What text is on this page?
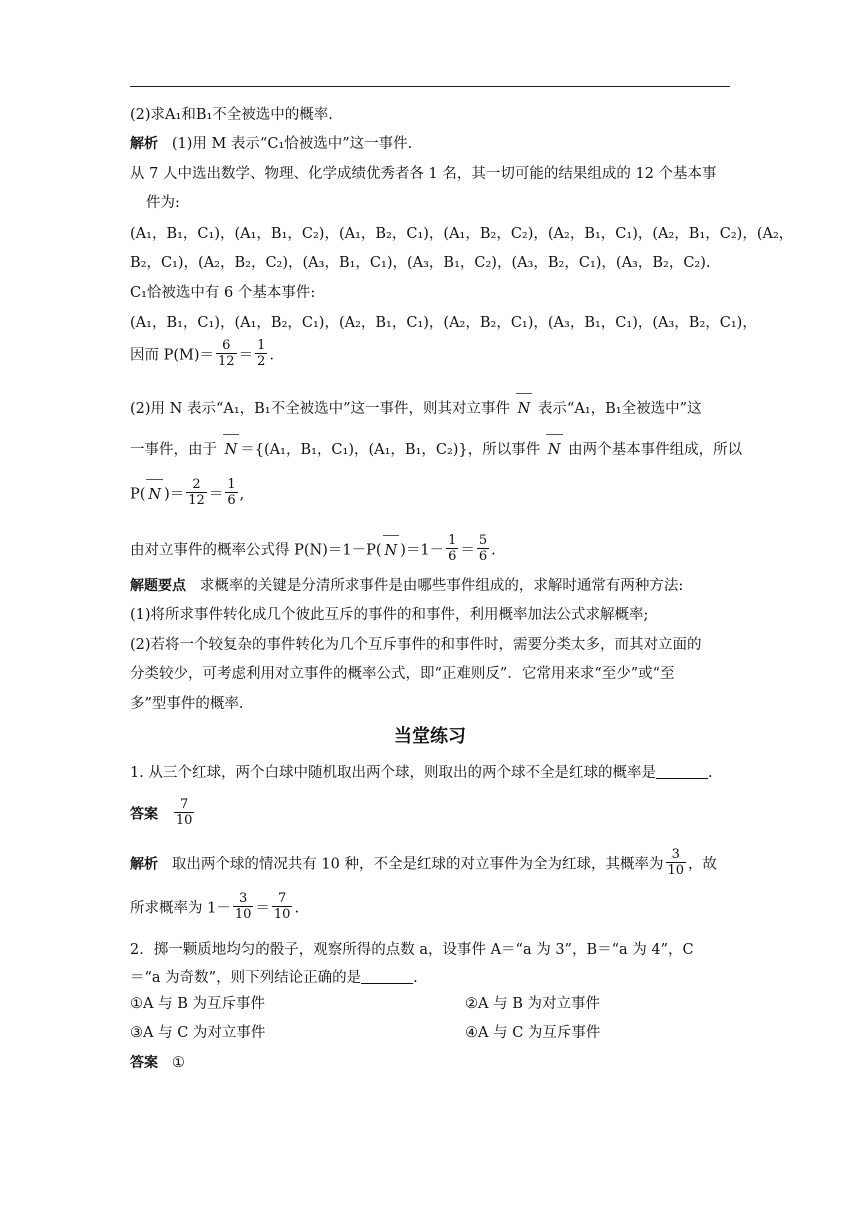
(2)求A₁和B₁不全被选中的概率.
解析 (1)用 M 表示“C₁恰被选中”这一事件.
从 7 人中选出数学、物理、化学成绩优秀者各 1 名，其一切可能的结果组成的 12 个基本事
件为:
(A₁，B₁，C₁)，(A₁，B₁，C₂)，(A₁，B₂，C₁)，(A₁，B₂，C₂)，(A₂，B₁，C₁)，(A₂，B₁，C₂)，(A₂，
B₂，C₁)，(A₂，B₂，C₂)，(A₃，B₁，C₁)，(A₃，B₁，C₂)，(A₃，B₂，C₁)，(A₃，B₂，C₂).
C₁恰被选中有 6 个基本事件:
(A₁，B₁，C₁)，(A₁，B₂，C₁)，(A₂，B₁，C₁)，(A₂，B₂，C₁)，(A₃，B₁，C₁)，(A₃，B₂，C₁)，
因而 $P(M)= \frac{6}{12} = \frac{1}{2}$ .
(2)用 N 表示“A₁，B₁不全被选中”这一事件，则其对立事件 N 表示“A₁，B₁全被选中”这
一事件，由于 N ＝{(A₁，B₁，C₁)，(A₁，B₁，C₂)}，所以事件 N 由两个基本事件组成，所以
P( N )＝ $\frac{2}{12} = \frac{1}{6}$ ,
由对立事件的概率公式得 P(N)＝1－P( N )$=1- \frac{1}{6} = \frac{5}{6}$ .
解题要点 求概率的关键是分清所求事件是由哪些事件组成的，求解时通常有两种方法:
(1)将所求事件转化成几个彼此互斥的事件的和事件，利用概率加法公式求解概率;
(2)若将一个较复杂的事件转化为几个互斥事件的和事件时，需要分类太多，而其对立面的
分类较少，可考虑利用对立事件的概率公式，即“正难则反”．它常用来求“至少”或“至
多”型事件的概率.
当堂练习
1. 从三个红球，两个白球中随机取出两个球，则取出的两个球不全是红球的概率是	.
答案 $\frac{7}{10}$
解析 取出两个球的情况共有 10 种，不全是红球的对立事件为全为红球，其概率为 $\frac{3}{10}$ ，故
所求概率为 $1- \frac{3}{10} = \frac{7}{10}$ .
2．掷一颗质地均匀的骰子，观察所得的点数 a，设事件 A＝“a 为 3”，B＝“a 为 4”，C
＝“a 为奇数”，则下列结论正确的是	.
①A 与 B 为互斥事件	②A 与 B 为对立事件
③A 与 C 为对立事件	④A 与 C 为互斥事件
答案 ①
